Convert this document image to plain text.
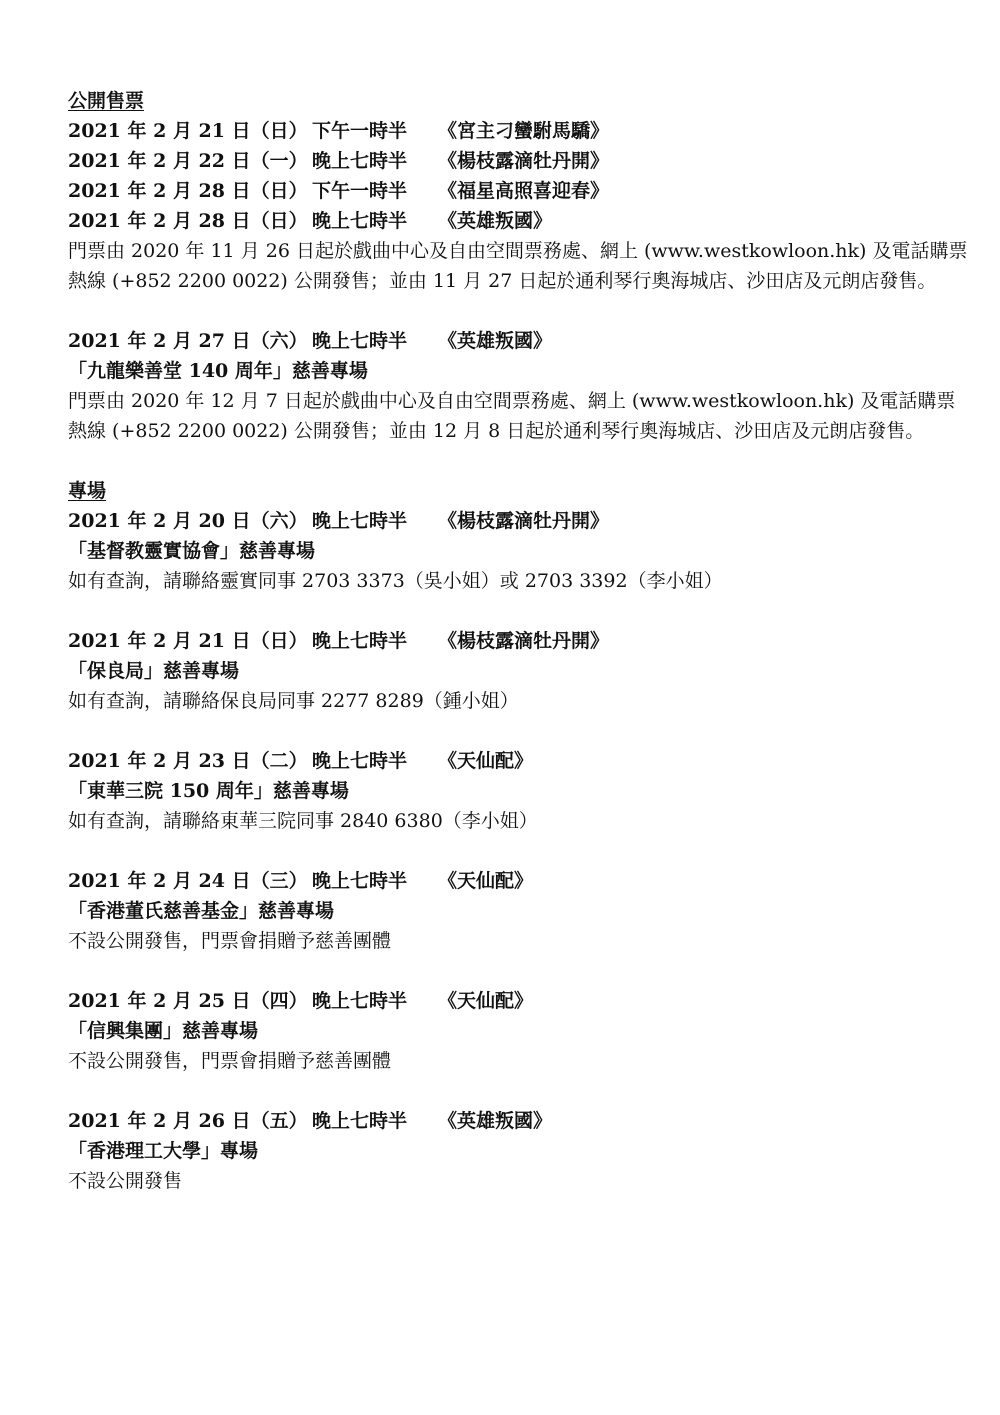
公開售票
2021 年 2 月 21 日（日） 下午一時半	《宮主刁蠻駙馬驕》
2021 年 2 月 22 日（一） 晚上七時半	《楊枝露滴牡丹開》
2021 年 2 月 28 日（日） 下午一時半	《福星高照喜迎春》
2021 年 2 月 28 日（日） 晚上七時半	《英雄叛國》
門票由 2020 年 11 月 26 日起於戲曲中心及自由空間票務處、網上 (www.westkowloon.hk) 及電話購票
熱線 (+852 2200 0022) 公開發售；並由 11 月 27 日起於通利琴行奧海城店、沙田店及元朗店發售。
2021 年 2 月 27 日（六） 晚上七時半	《英雄叛國》
「九龍樂善堂 140 周年」慈善專場
門票由 2020 年 12 月 7 日起於戲曲中心及自由空間票務處、網上 (www.westkowloon.hk) 及電話購票
熱線 (+852 2200 0022) 公開發售；並由 12 月 8 日起於通利琴行奧海城店、沙田店及元朗店發售。
專場
2021 年 2 月 20 日（六） 晚上七時半	《楊枝露滴牡丹開》
「基督教靈實協會」慈善專場
如有查詢，請聯絡靈實同事 2703 3373（吳小姐）或 2703 3392（李小姐）
2021 年 2 月 21 日（日） 晚上七時半	《楊枝露滴牡丹開》
「保良局」慈善專場
如有查詢，請聯絡保良局同事 2277 8289（鍾小姐）
2021 年 2 月 23 日（二） 晚上七時半	《天仙配》
「東華三院 150 周年」慈善專場
如有查詢，請聯絡東華三院同事 2840 6380（李小姐）
2021 年 2 月 24 日（三） 晚上七時半	《天仙配》
「香港董氏慈善基金」慈善專場
不設公開發售，門票會捐贈予慈善團體
2021 年 2 月 25 日（四） 晚上七時半	《天仙配》
「信興集團」慈善專場
不設公開發售，門票會捐贈予慈善團體
2021 年 2 月 26 日（五） 晚上七時半	《英雄叛國》
「香港理工大學」專場
不設公開發售
